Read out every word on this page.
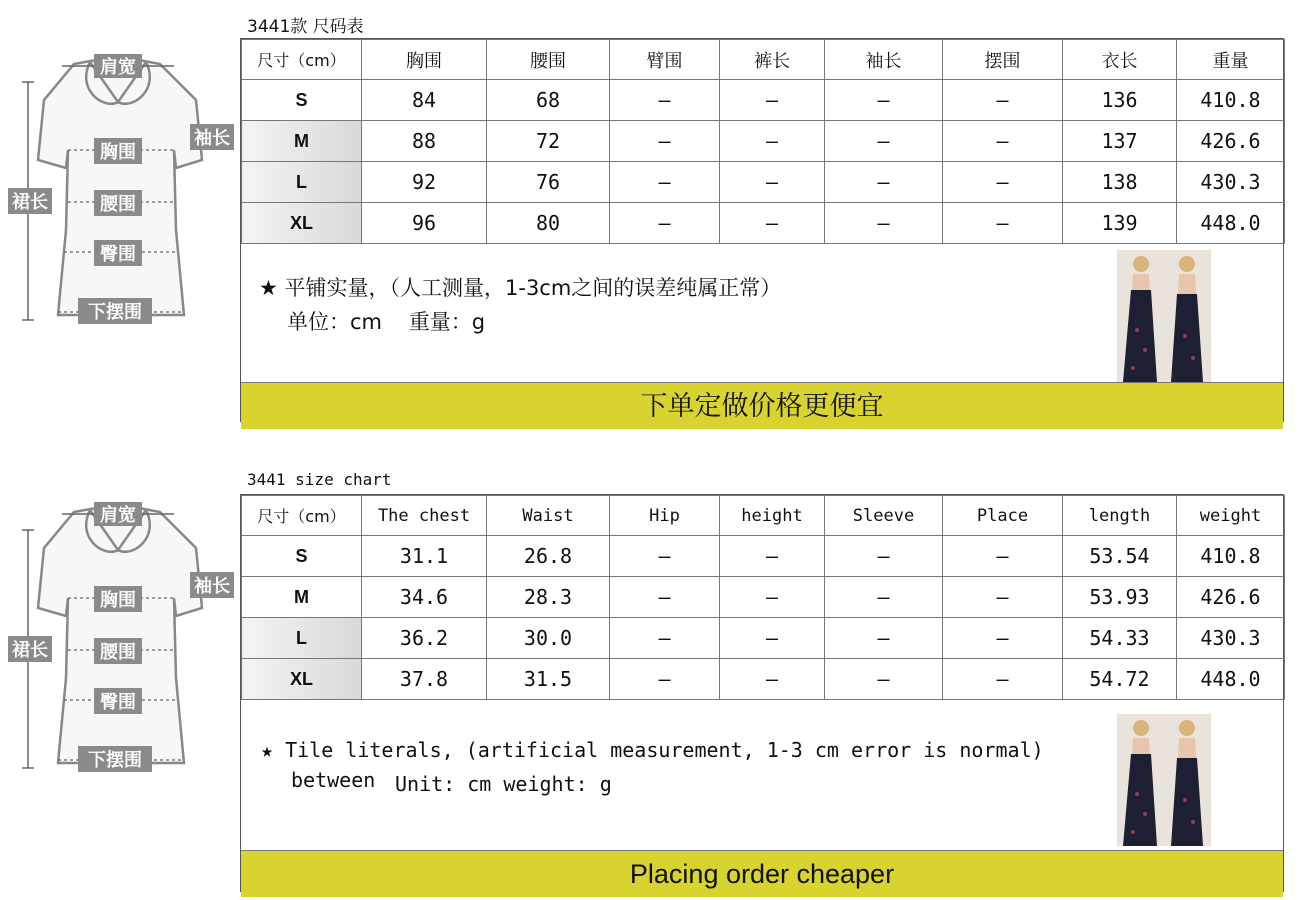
3441款 尺码表
肩宽
袖长
胸围
裙长	腰围
臀围
下摆围
尺寸（cm）	胸围	腰围	臂围	裤长	袖长	摆围	衣长	重量
S	84	68	—	—	—	—	136	410.8
M	88	72	—	—	—	—	137	426.6
L	92	76	—	—	—	—	138	430.3
XL	96	80	—	—	—	—	139	448.0
★ 平铺实量，（人工测量，1-3cm之间的误差纯属正常）
单位：cm    重量：g
下单定做价格更便宜
3441 size chart
肩宽
袖长
胸围
裙长	腰围
臀围
下摆围
尺寸（cm）	The chest	Waist	Hip	height	Sleeve	Place	length	weight
S	31.1	26.8	—	—	—	—	53.54	410.8
M	34.6	28.3	—	—	—	—	53.93	426.6
L	36.2	30.0	—	—	—	—	54.33	430.3
XL	37.8	31.5	—	—	—	—	54.72	448.0
★ Tile literals, (artificial measurement, 1-3 cm error is normal)
between Unit: cm weight: g
Placing order cheaper
